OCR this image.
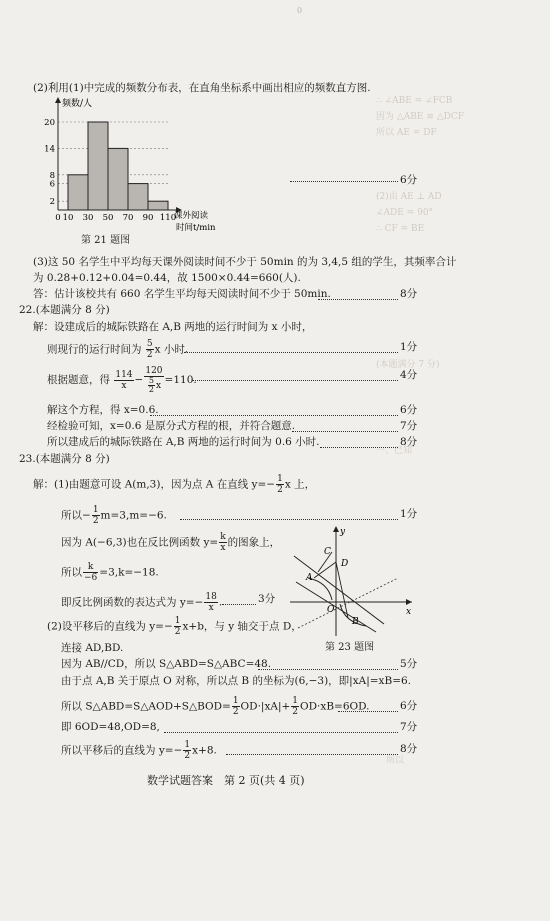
0
∴ ∠ABE = ∠FCB
因为 △ABE ≌ △DCF
所以 AE = DF
(2)由 AE ⊥ AD
∠ADE = 90°
∴ CF = BE
(本题满分 7 分)
一、已知
所以
(2)利用(1)中完成的频数分布表，在直角坐标系中画出相应的频数直方图.
2
6
8
14
20
0 10 30 50 70 90 110
频数/人
课外阅读
时间t/min
第 21 题图
6分
(3)这 50 名学生中平均每天课外阅读时间不少于 50min 的为 3,4,5 组的学生，其频率合计
为 0.28+0.12+0.04=0.44，故 1500×0.44=660(人).
答：估计该校共有 660 名学生平均每天阅读时间不少于 50min.	8分
22.(本题满分 8 分)
解：设建成后的城际铁路在 A,B 两地的运行时间为 x 小时，
则现行的运行时间为 $\frac{5}{2}$ x 小时.	1分
根据题意，得 $\frac{114}{x} - \frac{120}{\frac{5}{2} x} =110$.	4分
解这个方程，得 x=0.6.	6分
经检验可知，x=0.6 是原分式方程的根，并符合题意.	7分
所以建成后的城际铁路在 A,B 两地的运行时间为 0.6 小时.	8分
23.(本题满分 8 分)
解：(1)由题意可设 A(m,3)，因为点 A 在直线 $y=- \frac{1}{2}$ x 上，
所以− $\frac{1}{2} m=3,m=-6$.	1分
因为 A(−6,3)也在反比例函数 $y= \frac{k}{x}$ 的图象上，
所以 $\frac{k}{-6} =3,k=-18$.
即反比例函数的表达式为 $y=- \frac{18}{x}$ .	3分
y
x
O
A
B
C
D
第 23 题图
(2)设平移后的直线为 $y=- \frac{1}{2} x+b$，与 y 轴交于点 D，
连接 AD,BD.
因为 AB//CD，所以 S△ABD=S△ABC=48.	5分
由于点 A,B 关于原点 O 对称，所以点 B 的坐标为(6,−3)，即|xA|=xB=6.
所以 S△ABD=S△AOD+S△BOD= $\frac{1}{2} OD\cdot|xA|+ \frac{1}{2} OD\cdot xB=6OD$.	6分
即 6OD=48,OD=8,	7分
所以平移后的直线为 $y=- \frac{1}{2} x+8$.	8分
数学试题答案　第 2 页(共 4 页)
